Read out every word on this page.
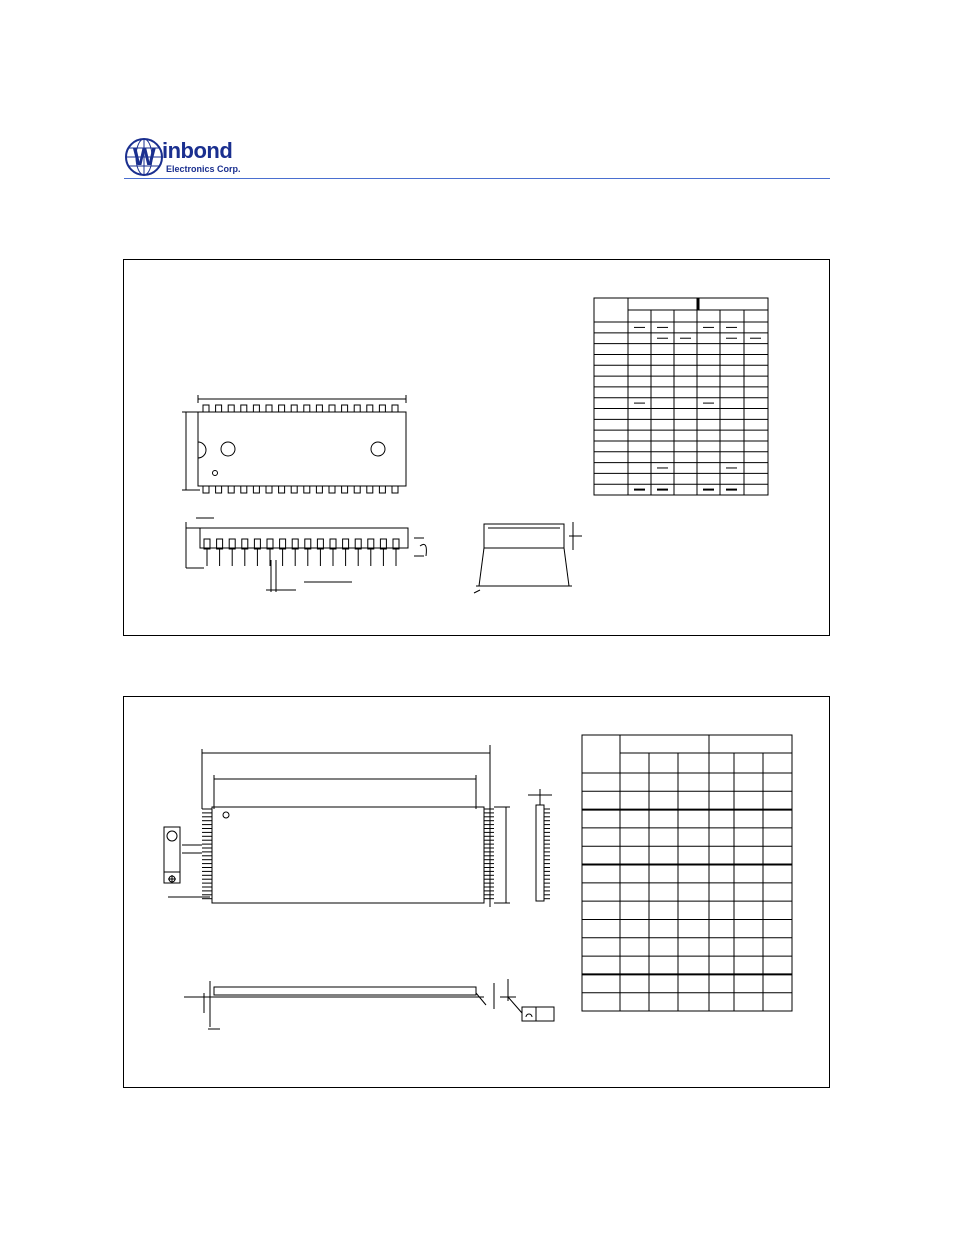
W inbond
Electronics Corp.
